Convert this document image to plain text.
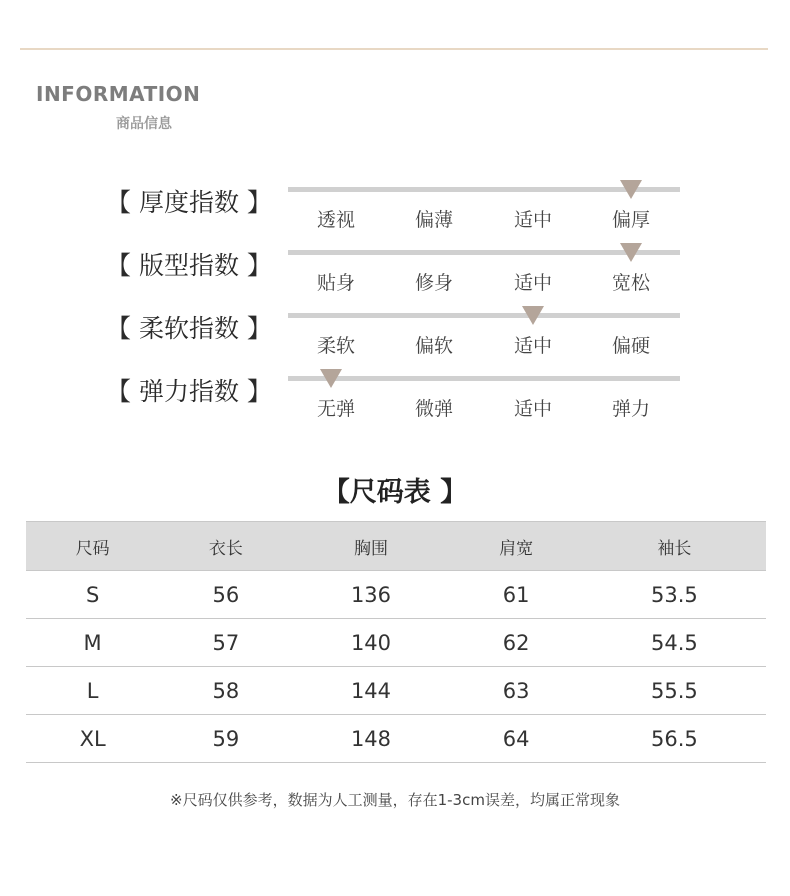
INFORMATION
商品信息
【 厚度指数 】
透视	偏薄	适中	偏厚
【 版型指数 】
贴身	修身	适中	宽松
【 柔软指数 】
柔软	偏软	适中	偏硬
【 弹力指数 】
无弹	微弹	适中	弹力
【尺码表 】
尺码	衣长	胸围	肩宽	袖长
S	56	136	61	53.5
M	57	140	62	54.5
L	58	144	63	55.5
XL	59	148	64	56.5
※尺码仅供参考，数据为人工测量，存在1-3cm误差，均属正常现象
